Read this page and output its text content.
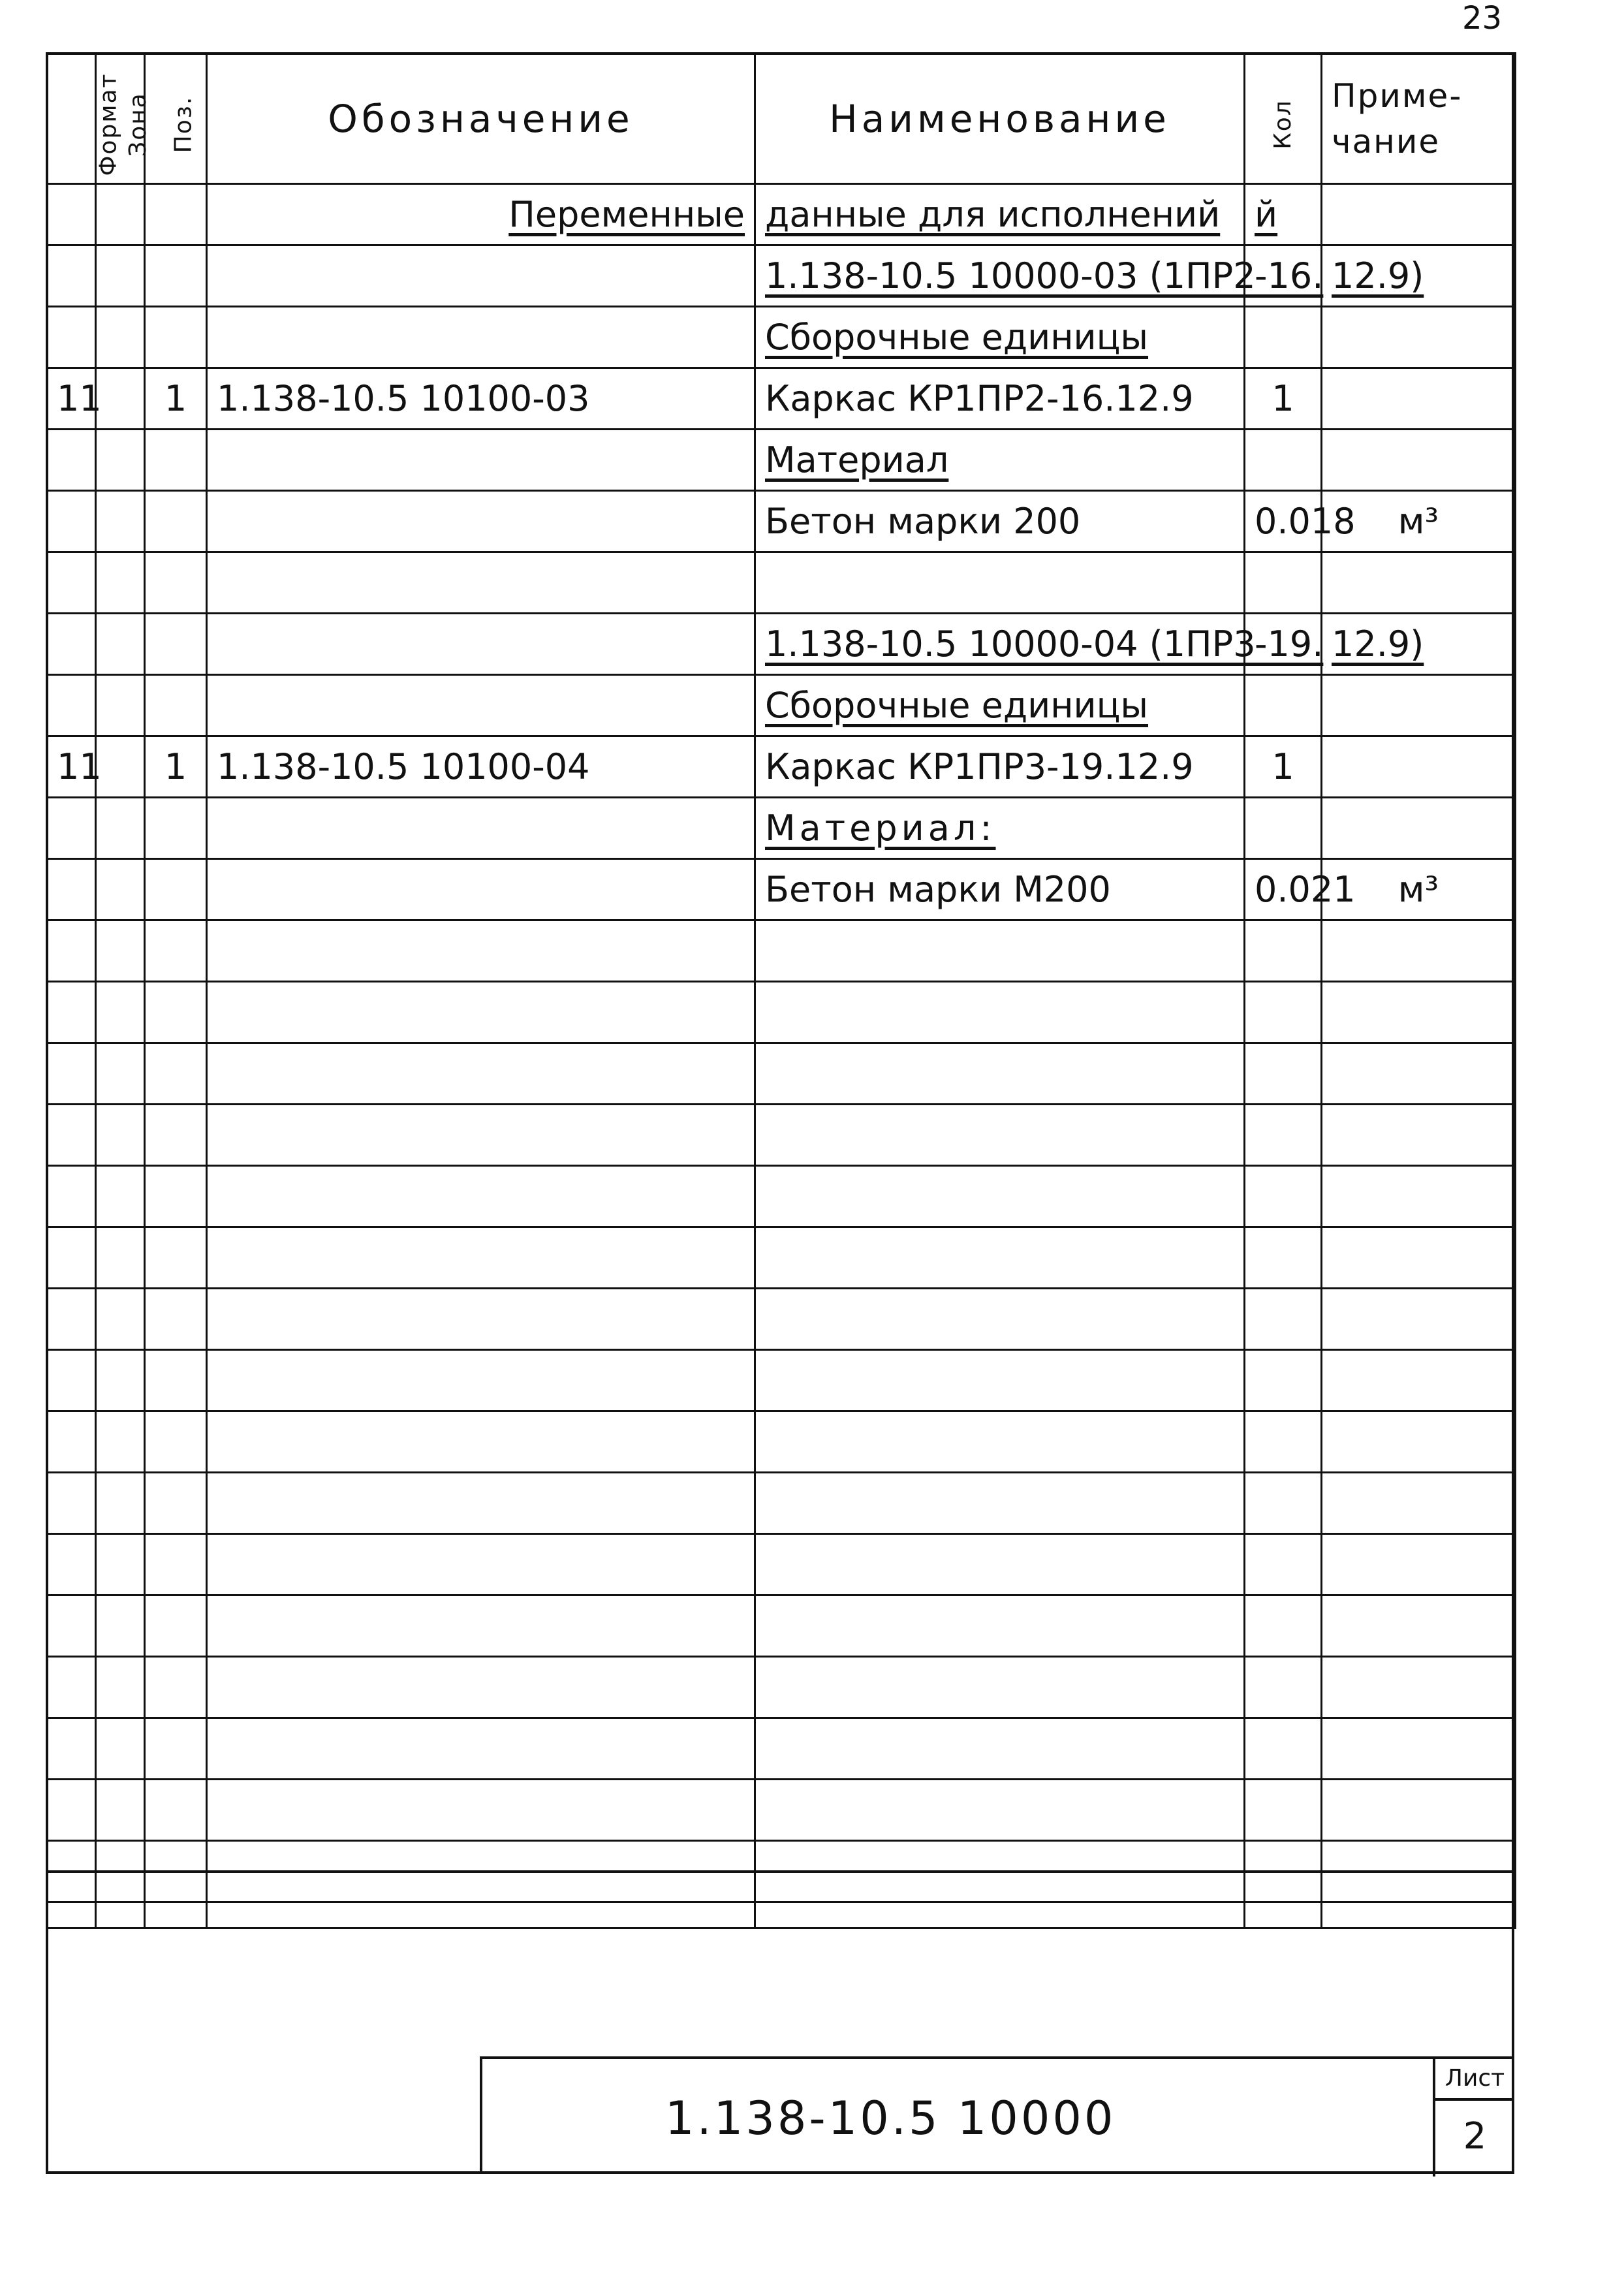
23
Формат	Зона	Поз.	Обозначение	Наименование	Кол	Приме-
чание

			Переменные	данные для исполнений	й	
				1.138-10.5 10000-03 (1ПР2	-16.	12.9)
				Сборочные единицы		
11		1	1.138-10.5 10100-03	Каркас КР1ПР2-16.12.9	1	
				Материал		
				Бетон марки 200	0.018	м³

				1.138-10.5 10000-04 (1ПР3	-19.	12.9)
				Сборочные единицы		
11		1	1.138-10.5 10100-04	Каркас КР1ПР3-19.12.9	1	
				Материал:		
				Бетон марки М200	0.021	м³

1.138-10.5 10000
Лист
2
